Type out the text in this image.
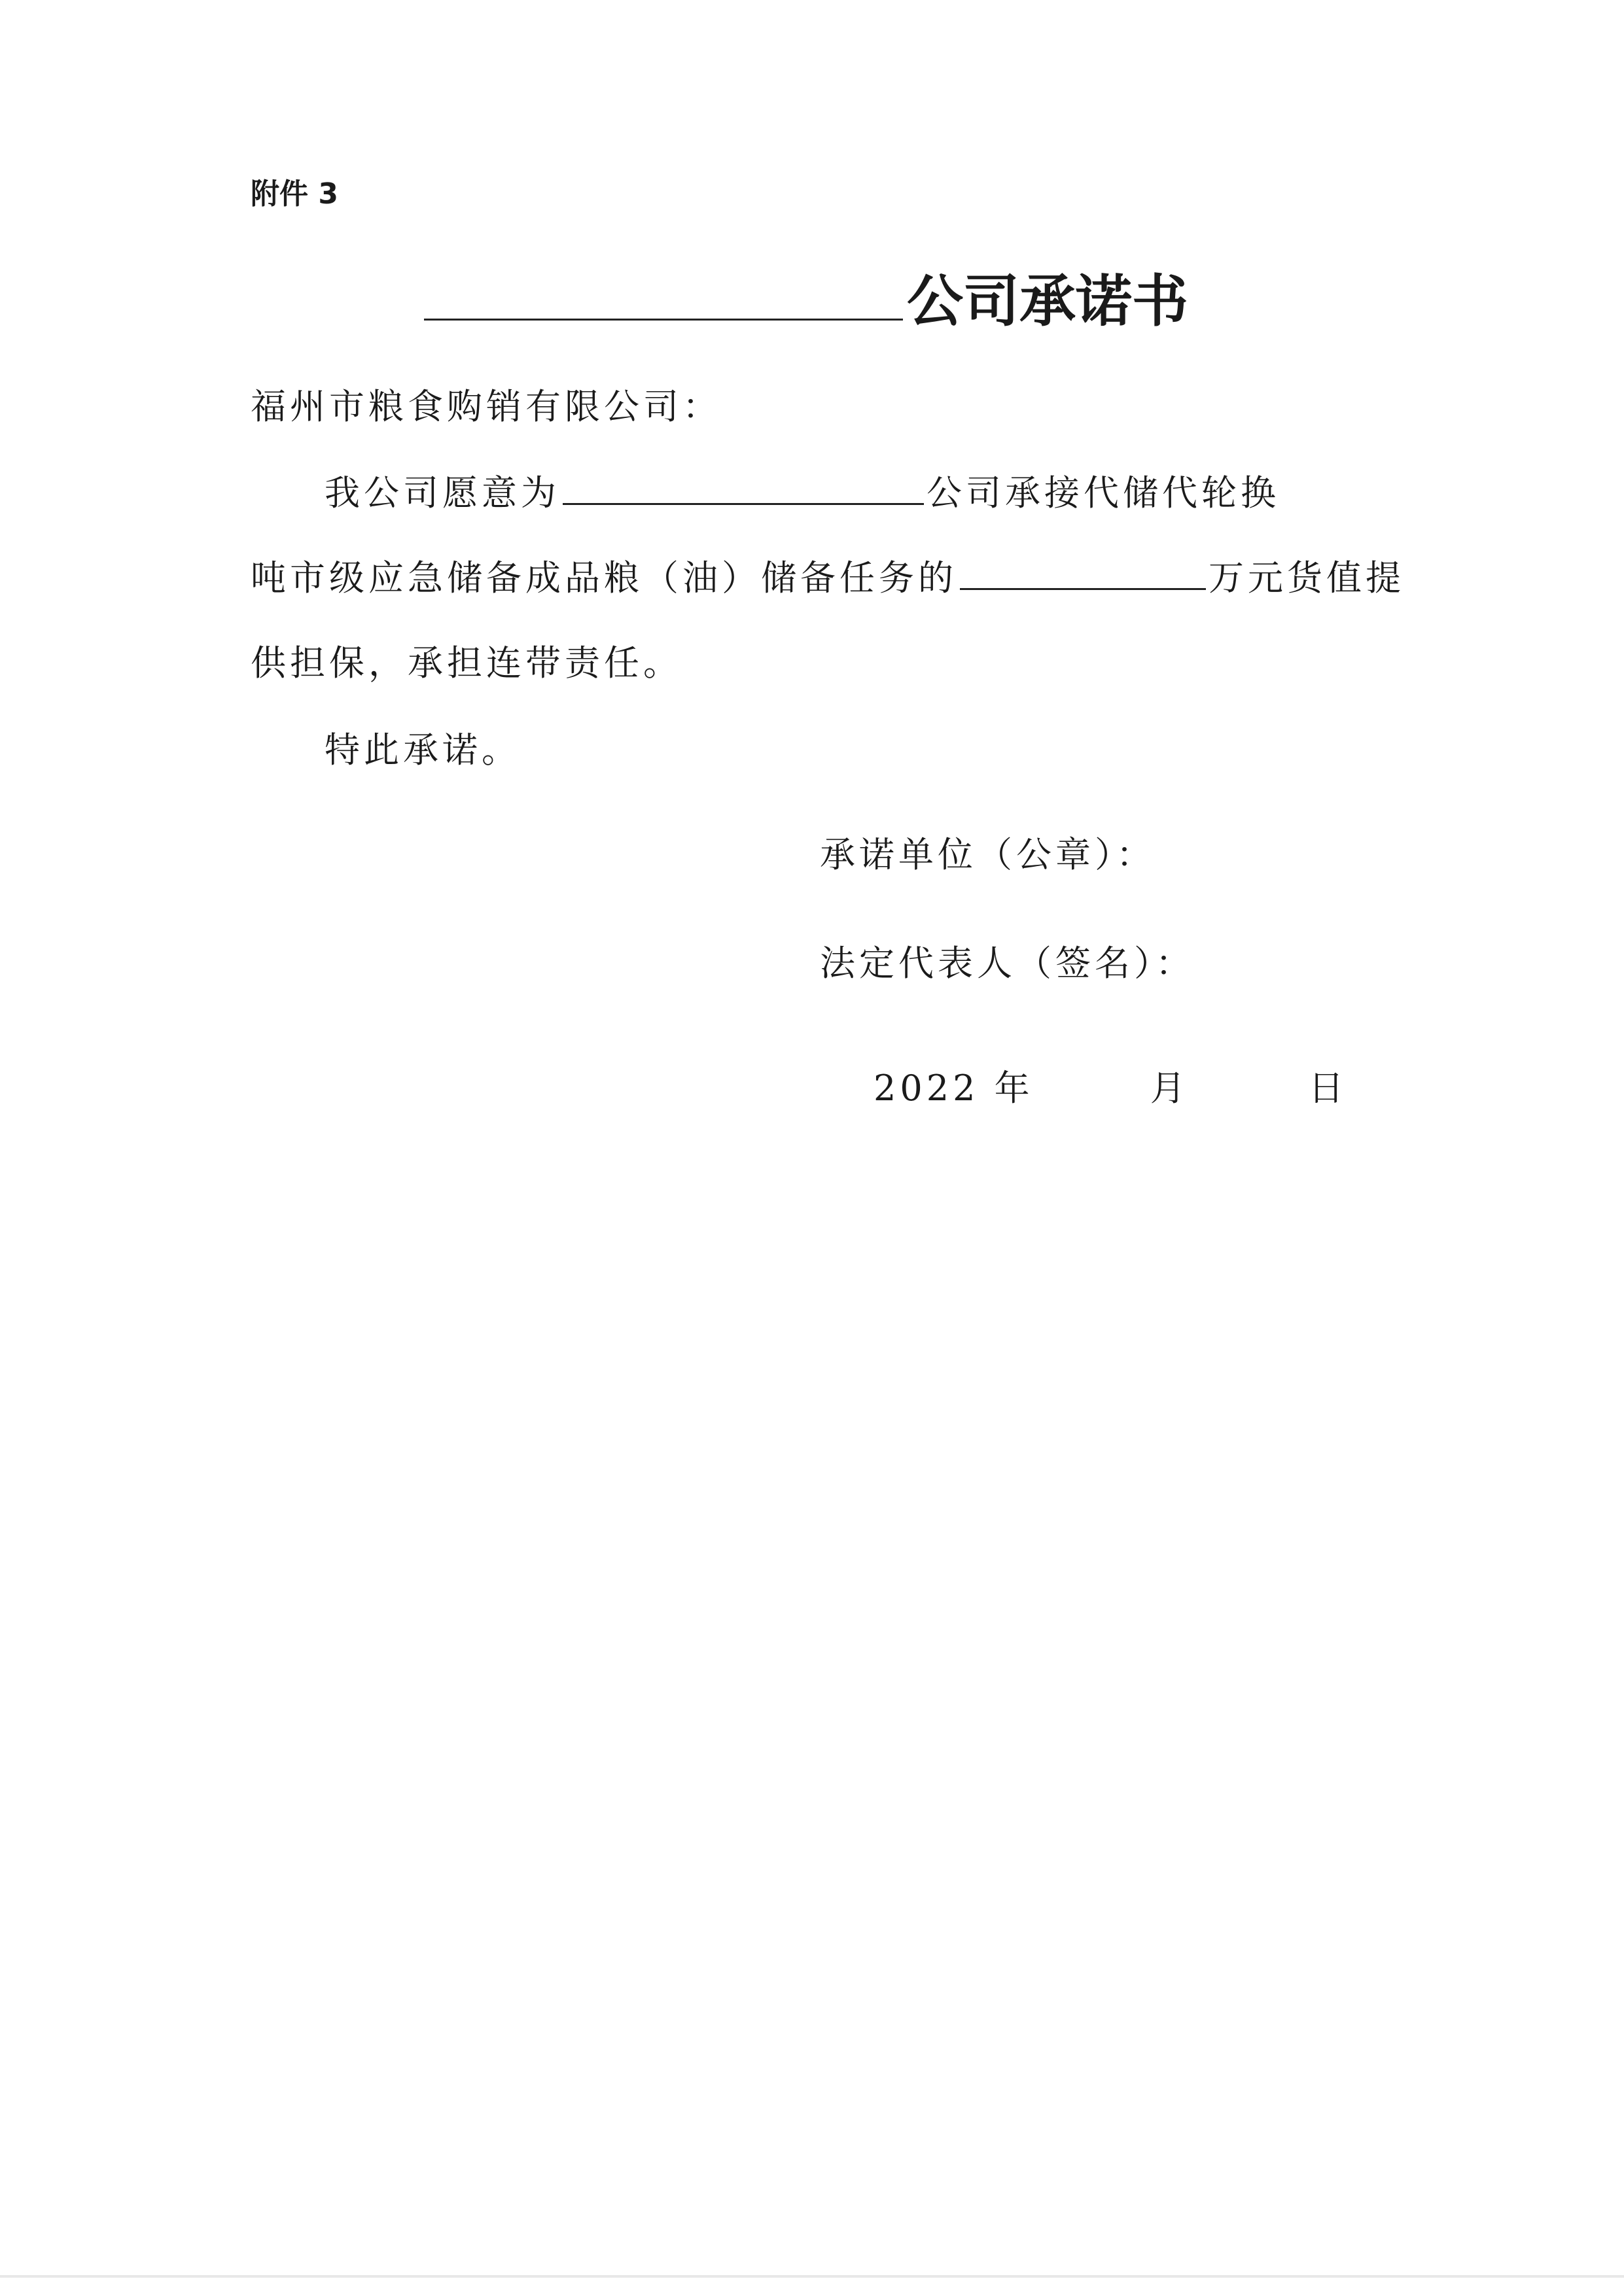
附件 3
公司承诺书
福州市粮食购销有限公司：
我公司愿意为	公司承接代储代轮换
吨市级应急储备成品粮（油）储备任务的	万元货值提
供担保，承担连带责任。
特此承诺。
承诺单位（公章）：
法定代表人（签名）：
2022 年	月	日
